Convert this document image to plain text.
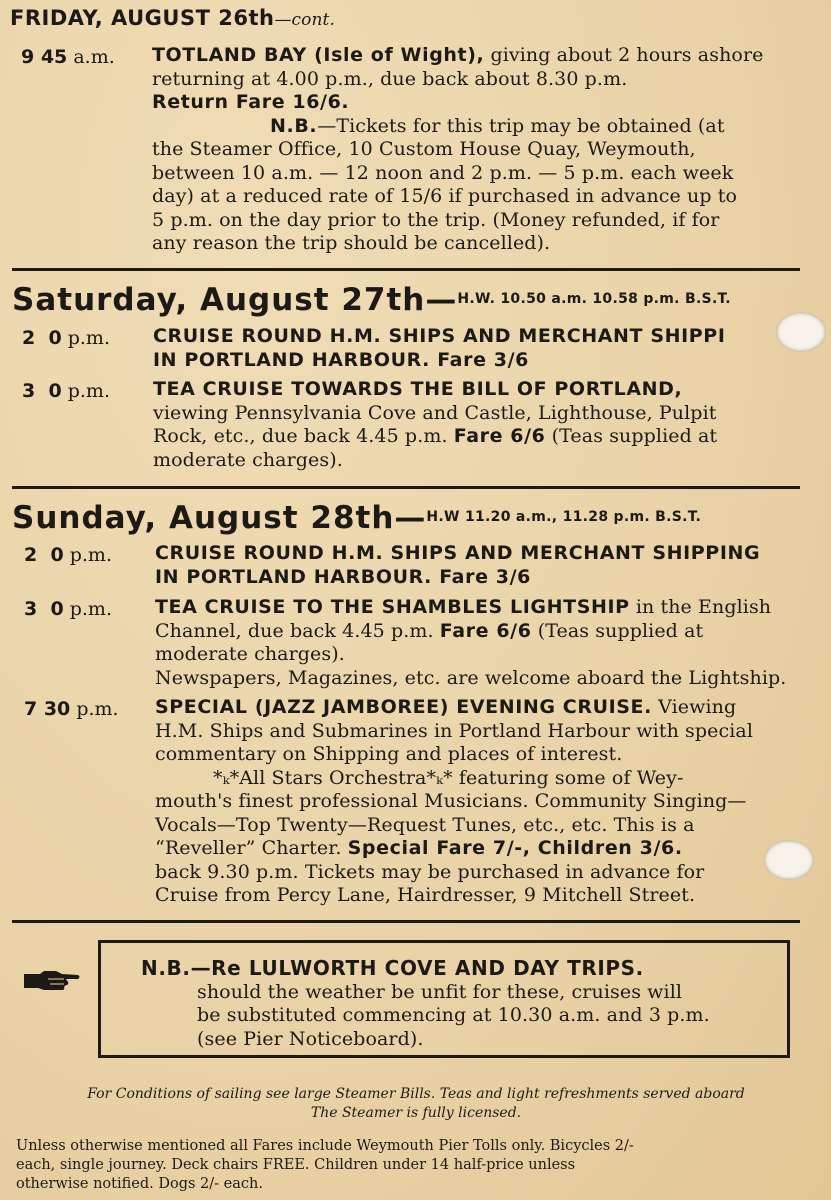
FRIDAY, AUGUST 26th—cont.
9 45 a.m. TOTLAND BAY (Isle of Wight), giving about 2 hours ashore
returning at 4.00 p.m., due back about 8.30 p.m.
Return Fare 16/6.
N.B.—Tickets for this trip may be obtained (at
the Steamer Office, 10 Custom House Quay, Weymouth,
between 10 a.m. — 12 noon and 2 p.m. — 5 p.m. each week
day) at a reduced rate of 15/6 if purchased in advance up to
5 p.m. on the day prior to the trip. (Money refunded, if for
any reason the trip should be cancelled).
Saturday, August 27th—H.W. 10.50 a.m. 10.58 p.m. B.S.T.
2  0 p.m. CRUISE ROUND H.M. SHIPS AND MERCHANT SHIPPI
IN PORTLAND HARBOUR. Fare 3/6
3  0 p.m. TEA CRUISE TOWARDS THE BILL OF PORTLAND,
viewing Pennsylvania Cove and Castle, Lighthouse, Pulpit
Rock, etc., due back 4.45 p.m. Fare 6/6 (Teas supplied at
moderate charges).
Sunday, August 28th—H.W 11.20 a.m., 11.28 p.m. B.S.T.
2  0 p.m. CRUISE ROUND H.M. SHIPS AND MERCHANT SHIPPING
IN PORTLAND HARBOUR. Fare 3/6
3  0 p.m. TEA CRUISE TO THE SHAMBLES LIGHTSHIP in the English
Channel, due back 4.45 p.m. Fare 6/6 (Teas supplied at
moderate charges).
Newspapers, Magazines, etc. are welcome aboard the Lightship.
7 30 p.m. SPECIAL (JAZZ JAMBOREE) EVENING CRUISE. Viewing
H.M. Ships and Submarines in Portland Harbour with special
commentary on Shipping and places of interest.
*ₖ*All Stars Orchestra*ₖ* featuring some of Wey-
mouth's finest professional Musicians. Community Singing—
Vocals—Top Twenty—Request Tunes, etc., etc. This is a
“Reveller” Charter. Special Fare 7/-, Children 3/6.
back 9.30 p.m. Tickets may be purchased in advance for
Cruise from Percy Lane, Hairdresser, 9 Mitchell Street.
N.B.—Re LULWORTH COVE AND DAY TRIPS.
should the weather be unfit for these, cruises will
be substituted commencing at 10.30 a.m. and 3 p.m.
(see Pier Noticeboard).
For Conditions of sailing see large Steamer Bills. Teas and light refreshments served aboard
The Steamer is fully licensed.
Unless otherwise mentioned all Fares include Weymouth Pier Tolls only. Bicycles 2/-
each, single journey. Deck chairs FREE. Children under 14 half-price unless
otherwise notified. Dogs 2/- each.
